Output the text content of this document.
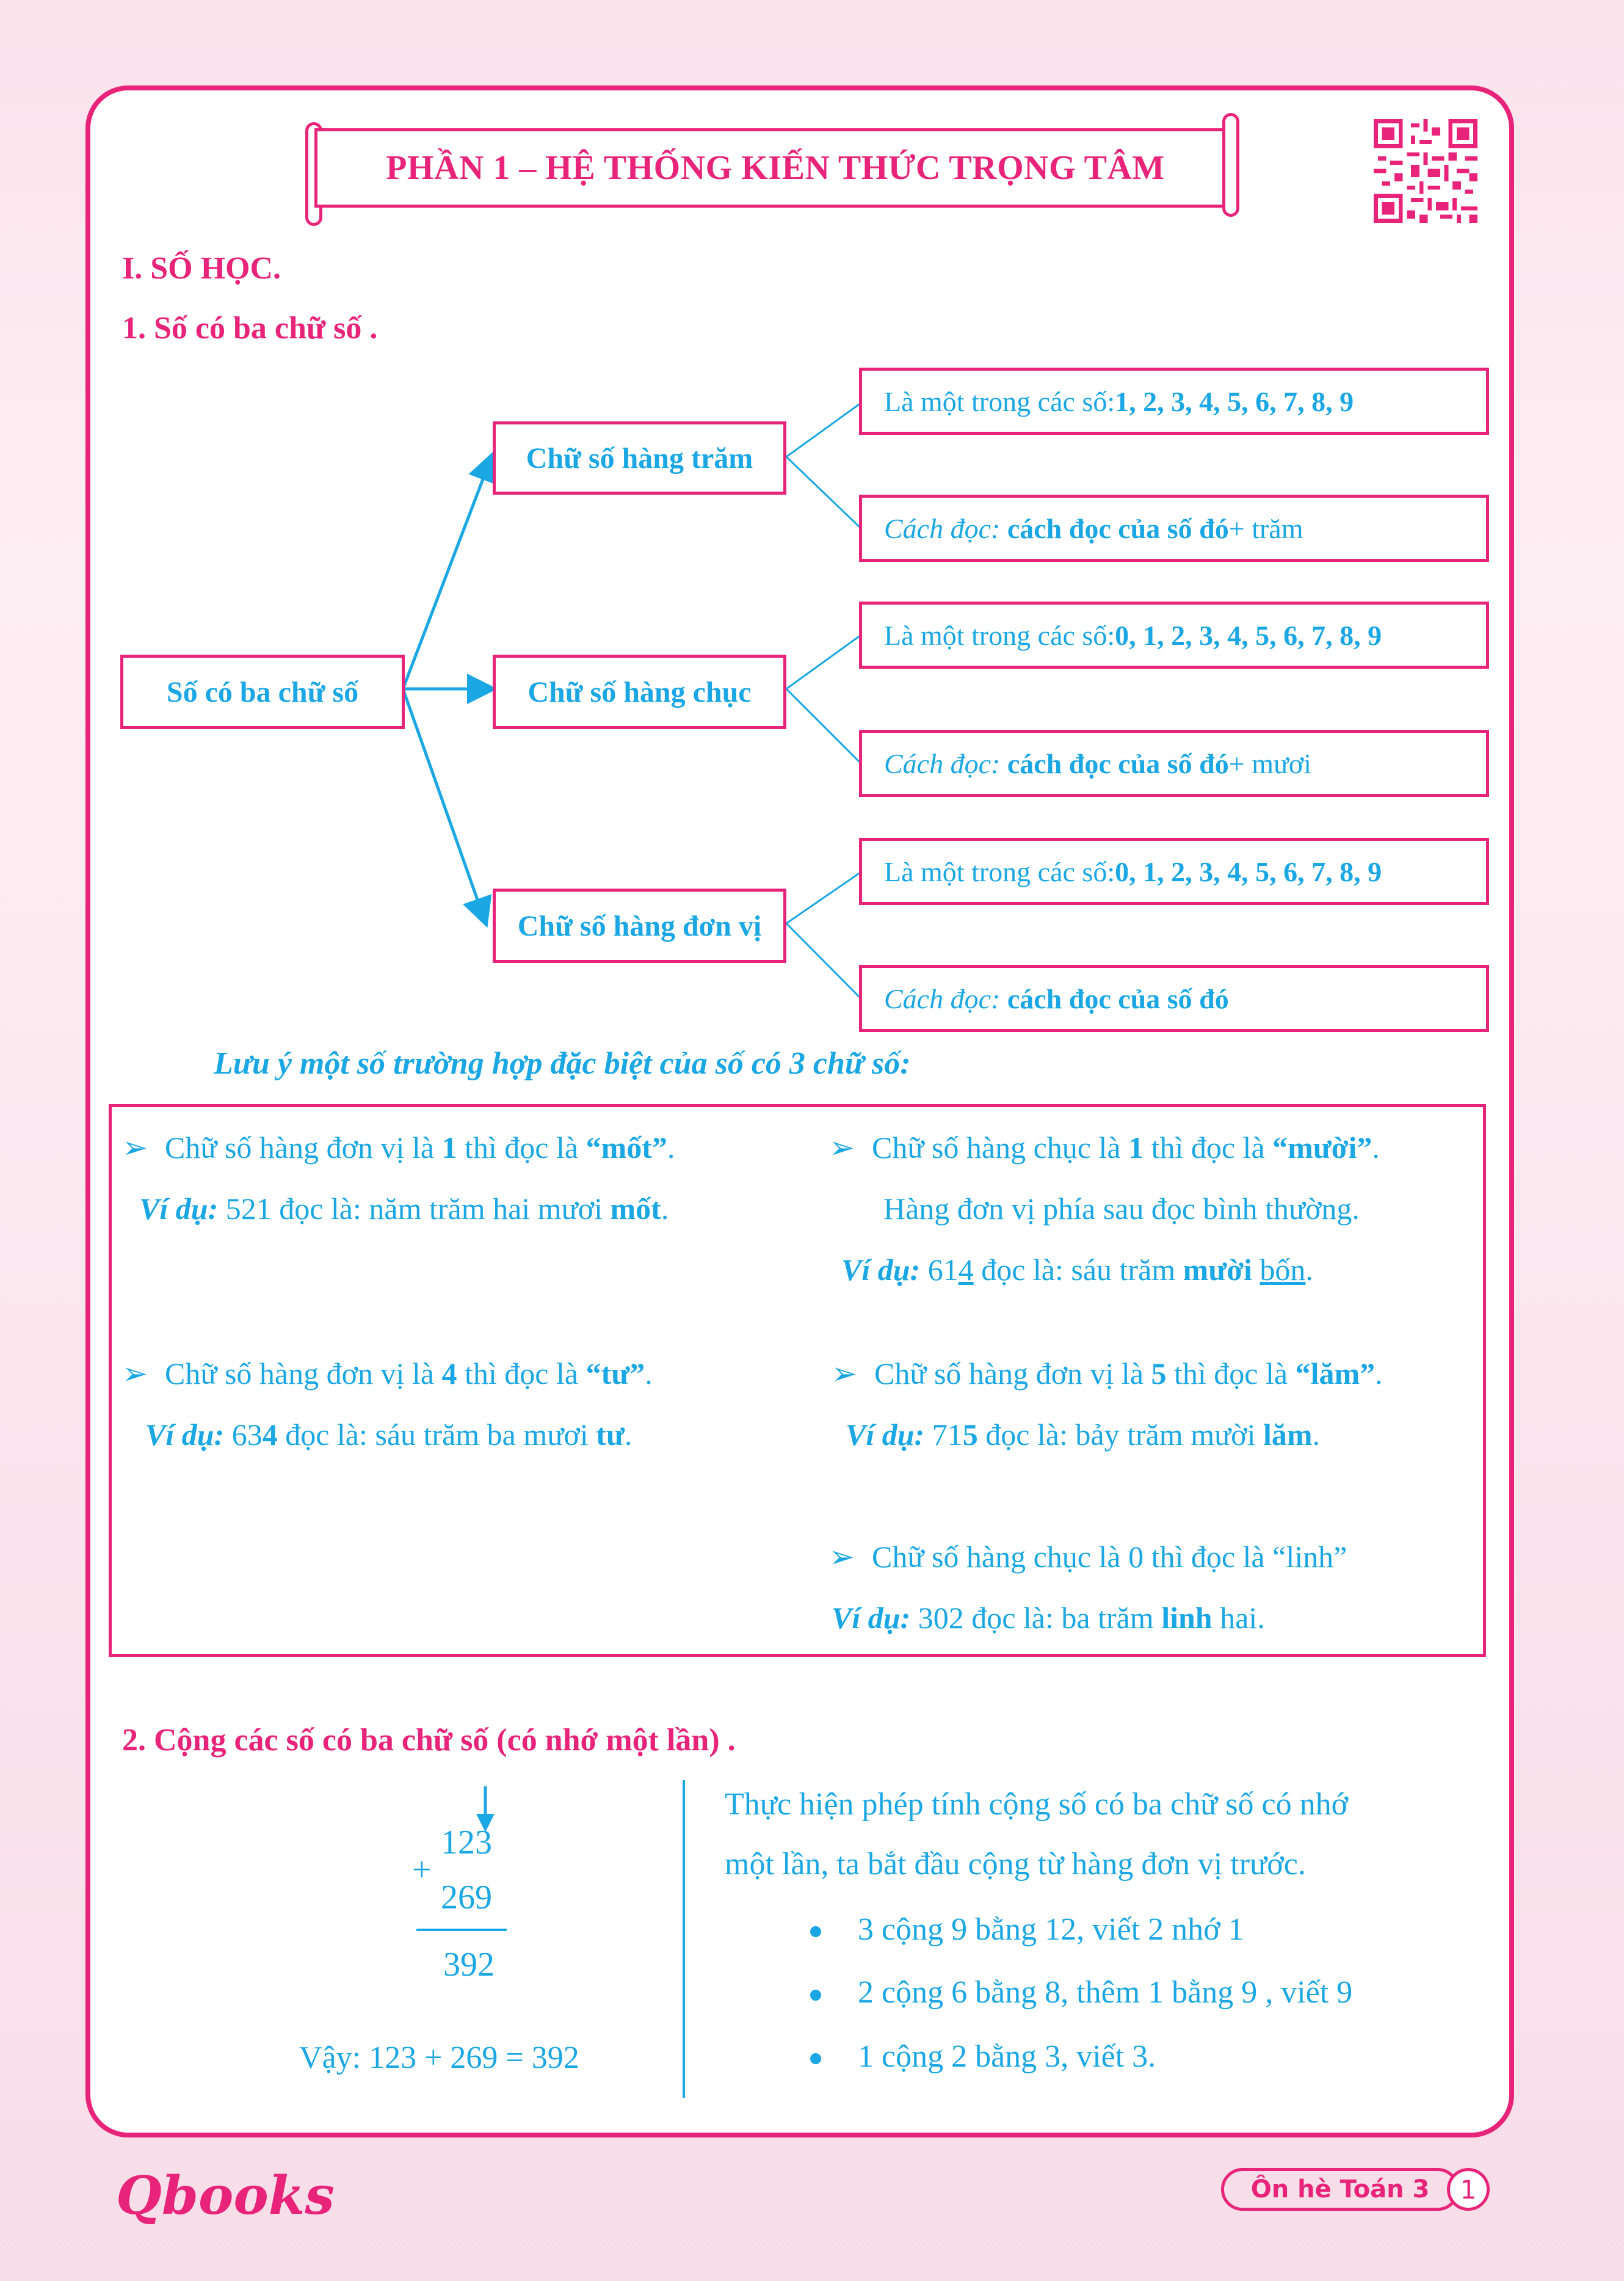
PHẦN 1 – HỆ THỐNG KIẾN THỨC TRỌNG TÂM
I. SỐ HỌC.
1. Số có ba chữ số .
Số có ba chữ số
Chữ số hàng trăm
Chữ số hàng chục
Chữ số hàng đơn vị
Là một trong các số: 1, 2, 3, 4, 5, 6, 7, 8, 9
Cách đọc:
cách đọc của số đó + trăm
Là một trong các số: 0, 1, 2, 3, 4, 5, 6, 7, 8, 9
Cách đọc:
cách đọc của số đó + mươi
Là một trong các số: 0, 1, 2, 3, 4, 5, 6, 7, 8, 9
Cách đọc:
cách đọc của số đó
Lưu ý một số trường hợp đặc biệt của số có 3 chữ số:
➢ Chữ số hàng đơn vị là 1 thì đọc là “mốt”.
Ví dụ: 521 đọc là: năm trăm hai mươi mốt.
➢ Chữ số hàng chục là 1 thì đọc là “mười”.
Hàng đơn vị phía sau đọc bình thường.
Ví dụ: 614 đọc là: sáu trăm mười bốn.
➢ Chữ số hàng đơn vị là 4 thì đọc là “tư”.
Ví dụ: 634 đọc là: sáu trăm ba mươi tư.
➢ Chữ số hàng đơn vị là 5 thì đọc là “lăm”.
Ví dụ: 715 đọc là: bảy trăm mười lăm.
➢ Chữ số hàng chục là 0 thì đọc là “linh”
Ví dụ: 302 đọc là: ba trăm linh hai.
2. Cộng các số có ba chữ số (có nhớ một lần) .
123
+
269
392
Vậy: 123 + 269 = 392
Thực hiện phép tính cộng số có ba chữ số có nhớ
một lần, ta bắt đầu cộng từ hàng đơn vị trước.
3 cộng 9 bằng 12, viết 2 nhớ 1
2 cộng 6 bằng 8, thêm 1 bằng 9 , viết 9
1 cộng 2 bằng 3, viết 3.
Qbooks	Ôn hè Toán 3 1
